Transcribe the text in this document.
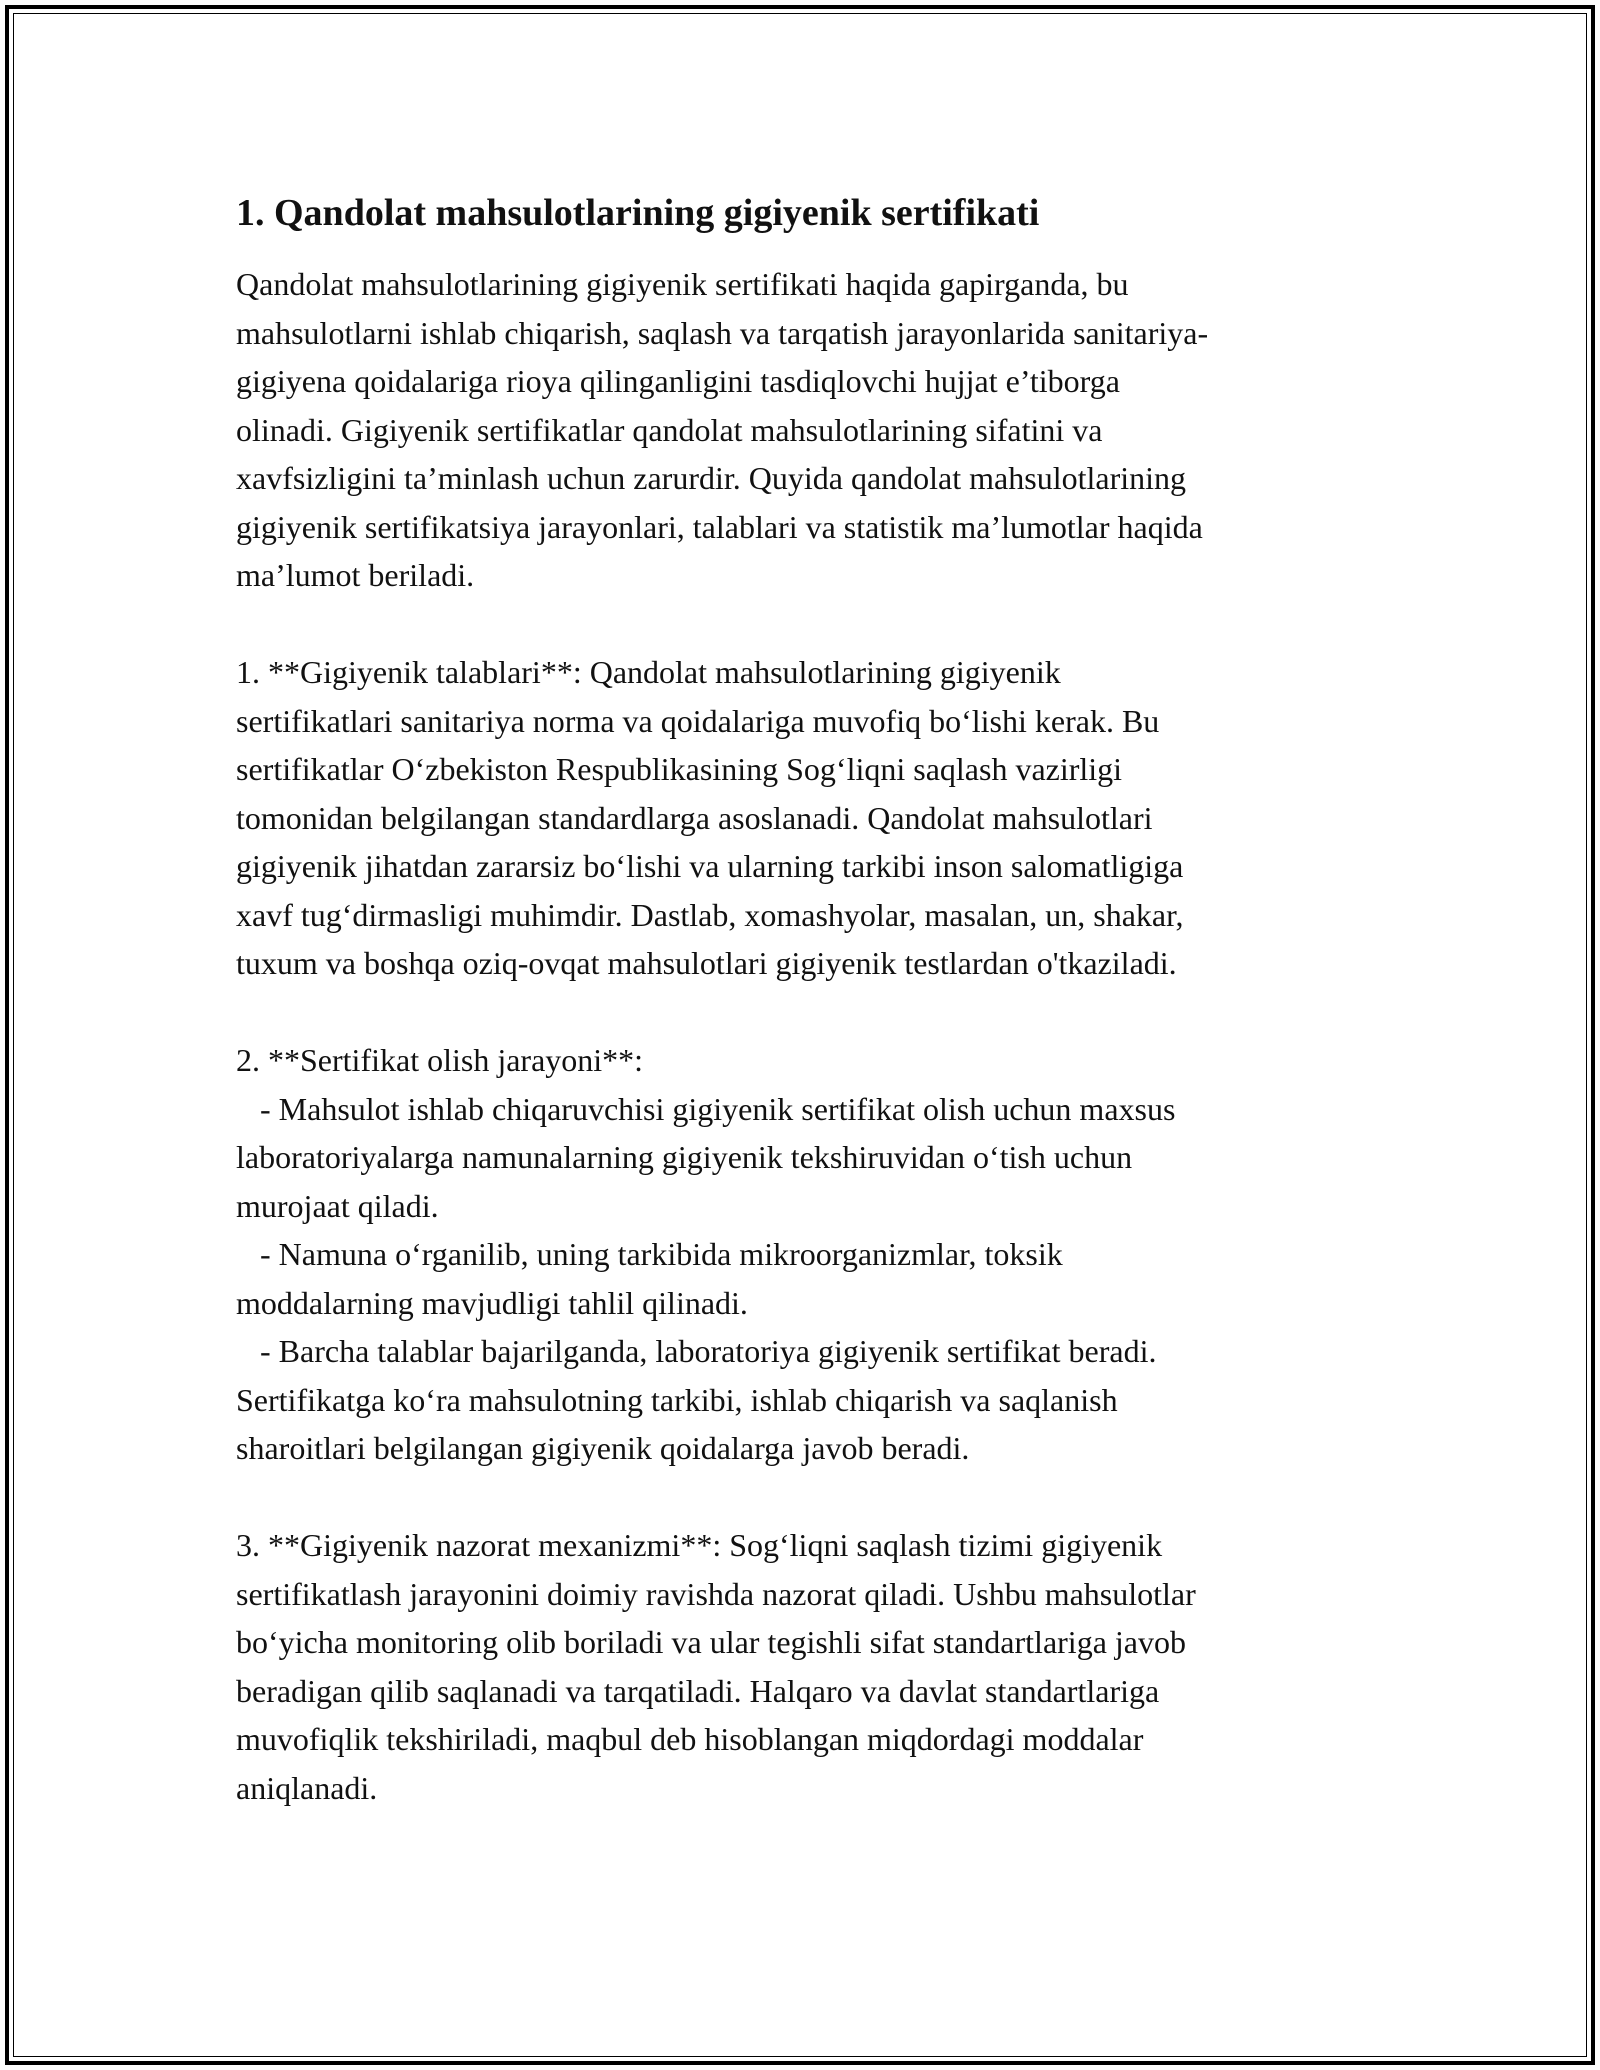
1. Qandolat mahsulotlarining gigiyenik sertifikati
Qandolat mahsulotlarining gigiyenik sertifikati haqida gapirganda, bu
mahsulotlarni ishlab chiqarish, saqlash va tarqatish jarayonlarida sanitariya-
gigiyena qoidalariga rioya qilinganligini tasdiqlovchi hujjat e’tiborga
olinadi. Gigiyenik sertifikatlar qandolat mahsulotlarining sifatini va
xavfsizligini ta’minlash uchun zarurdir. Quyida qandolat mahsulotlarining
gigiyenik sertifikatsiya jarayonlari, talablari va statistik ma’lumotlar haqida
ma’lumot beriladi.
1. **Gigiyenik talablari**: Qandolat mahsulotlarining gigiyenik
sertifikatlari sanitariya norma va qoidalariga muvofiq bo‘lishi kerak. Bu
sertifikatlar O‘zbekiston Respublikasining Sog‘liqni saqlash vazirligi
tomonidan belgilangan standardlarga asoslanadi. Qandolat mahsulotlari
gigiyenik jihatdan zararsiz bo‘lishi va ularning tarkibi inson salomatligiga
xavf tug‘dirmasligi muhimdir. Dastlab, xomashyolar, masalan, un, shakar,
tuxum va boshqa oziq-ovqat mahsulotlari gigiyenik testlardan o'tkaziladi.
2. **Sertifikat olish jarayoni**:
- Mahsulot ishlab chiqaruvchisi gigiyenik sertifikat olish uchun maxsus
laboratoriyalarga namunalarning gigiyenik tekshiruvidan o‘tish uchun
murojaat qiladi.
- Namuna o‘rganilib, uning tarkibida mikroorganizmlar, toksik
moddalarning mavjudligi tahlil qilinadi.
- Barcha talablar bajarilganda, laboratoriya gigiyenik sertifikat beradi.
Sertifikatga ko‘ra mahsulotning tarkibi, ishlab chiqarish va saqlanish
sharoitlari belgilangan gigiyenik qoidalarga javob beradi.
3. **Gigiyenik nazorat mexanizmi**: Sog‘liqni saqlash tizimi gigiyenik
sertifikatlash jarayonini doimiy ravishda nazorat qiladi. Ushbu mahsulotlar
bo‘yicha monitoring olib boriladi va ular tegishli sifat standartlariga javob
beradigan qilib saqlanadi va tarqatiladi. Halqaro va davlat standartlariga
muvofiqlik tekshiriladi, maqbul deb hisoblangan miqdordagi moddalar
aniqlanadi.
